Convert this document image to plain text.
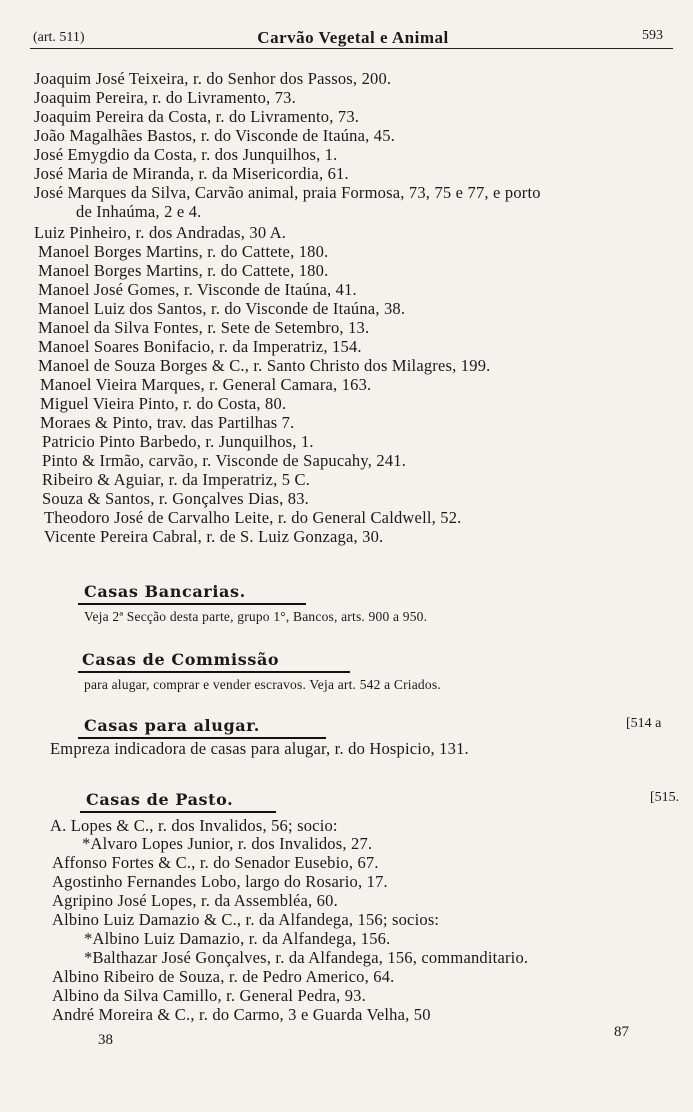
(art. 511)	Carvão Vegetal e Animal	593
Joaquim José Teixeira, r. do Senhor dos Passos, 200.
Joaquim Pereira, r. do Livramento, 73.
Joaquim Pereira da Costa, r. do Livramento, 73.
João Magalhães Bastos, r. do Visconde de Itaúna, 45.
José Emygdio da Costa, r. dos Junquilhos, 1.
José Maria de Miranda, r. da Misericordia, 61.
José Marques da Silva, Carvão animal, praia Formosa, 73, 75 e 77, e porto
de Inhaúma, 2 e 4.
Luiz Pinheiro, r. dos Andradas, 30 A.
Manoel Borges Martins, r. do Cattete, 180.
Manoel Borges Martins, r. do Cattete, 180.
Manoel José Gomes, r. Visconde de Itaúna, 41.
Manoel Luiz dos Santos, r. do Visconde de Itaúna, 38.
Manoel da Silva Fontes, r. Sete de Setembro, 13.
Manoel Soares Bonifacio, r. da Imperatriz, 154.
Manoel de Souza Borges & C., r. Santo Christo dos Milagres, 199.
Manoel Vieira Marques, r. General Camara, 163.
Miguel Vieira Pinto, r. do Costa, 80.
Moraes & Pinto, trav. das Partilhas 7.
Patricio Pinto Barbedo, r. Junquilhos, 1.
Pinto & Irmão, carvão, r. Visconde de Sapucahy, 241.
Ribeiro & Aguiar, r. da Imperatriz, 5 C.
Souza & Santos, r. Gonçalves Dias, 83.
Theodoro José de Carvalho Leite, r. do General Caldwell, 52.
Vicente Pereira Cabral, r. de S. Luiz Gonzaga, 30.
Casas Bancarias.
Veja 2ª Secção desta parte, grupo 1°, Bancos, arts. 900 a 950.
Casas de Commissão
para alugar, comprar e vender escravos. Veja art. 542 a Criados.
Casas para alugar.	[514 a
Empreza indicadora de casas para alugar, r. do Hospicio, 131.
Casas de Pasto.	[515.
A. Lopes & C., r. dos Invalidos, 56; socio:
*Alvaro Lopes Junior, r. dos Invalidos, 27.
Affonso Fortes & C., r. do Senador Eusebio, 67.
Agostinho Fernandes Lobo, largo do Rosario, 17.
Agripino José Lopes, r. da Assembléa, 60.
Albino Luiz Damazio & C., r. da Alfandega, 156; socios:
*Albino Luiz Damazio, r. da Alfandega, 156.
*Balthazar José Gonçalves, r. da Alfandega, 156, commanditario.
Albino Ribeiro de Souza, r. de Pedro Americo, 64.
Albino da Silva Camillo, r. General Pedra, 93.
André Moreira & C., r. do Carmo, 3 e Guarda Velha, 50
38	87
